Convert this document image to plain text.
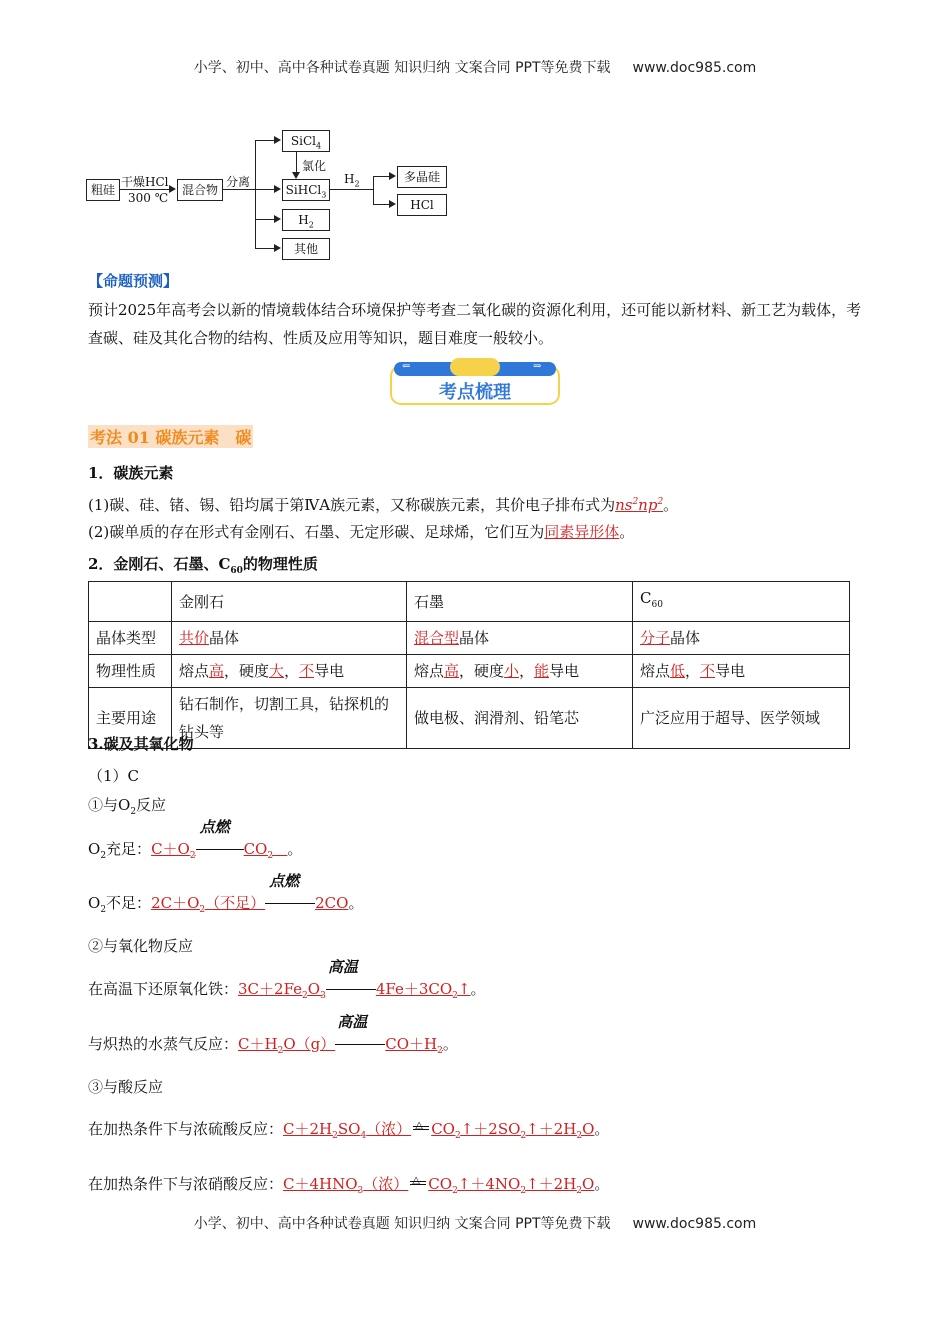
小学、初中、高中各种试卷真题 知识归纳 文案合同 PPT等免费下载 www.doc985.com
粗硅
干燥HCl
300 ℃
混合物
分离
SiCl$_4$
氯化
SiHCl$_3$
$H_2$
其他
$H_2$	多晶硅
HCl
【命题预测】
预计2025年高考会以新的情境载体结合环境保护等考查二氧化碳的资源化利用，还可能以新材料、新工艺为载体，考查碳、硅及其化合物的结构、性质及应用等知识，题目难度一般较小。
⇐	⇒
考点梳理
考法 01 碳族元素　碳
1．碳族元素
(1)碳、硅、锗、锡、铅均属于第ⅣA族元素，又称碳族元素，其价电子排布式为$ns^2np^2$。
(2)碳单质的存在形式有金刚石、石墨、无定形碳、足球烯，它们互为同素异形体。
2．金刚石、石墨、$C_{60}$的物理性质
	金刚石	石墨	$C_{60}$
晶体类型	共价晶体	混合型晶体	分子晶体
物理性质	熔点高，硬度大，不导电	熔点高，硬度小，能导电	熔点低，不导电
主要用途	钻石制作，切割工具，钻探机的钻头等	做电极、润滑剂、铅笔芯	广泛应用于超导、医学领域
3.碳及其氧化物
（1）C
①与$O_2$反应
$O_2$充足：$C+O_2$
点燃
$CO_2$ 。
$O_2$不足：$2C+O_2$（不足）
点燃
2CO。
②与氧化物反应
在高温下还原氧化铁：$3C+2Fe_2O_3$
高温
$4Fe+3CO_2↑$。
与炽热的水蒸气反应：$C+H_2O(g)$
高温
$CO+H_2$。
③与酸反应
在加热条件下与浓硫酸反应：$C+2H_2SO_4$（浓） △ $CO_2↑+2SO_2↑+2H_2O$。
在加热条件下与浓硝酸反应：$C+4HNO_3$（浓） △ $CO_2↑+4NO_2↑+2H_2O$。
小学、初中、高中各种试卷真题 知识归纳 文案合同 PPT等免费下载 www.doc985.com
